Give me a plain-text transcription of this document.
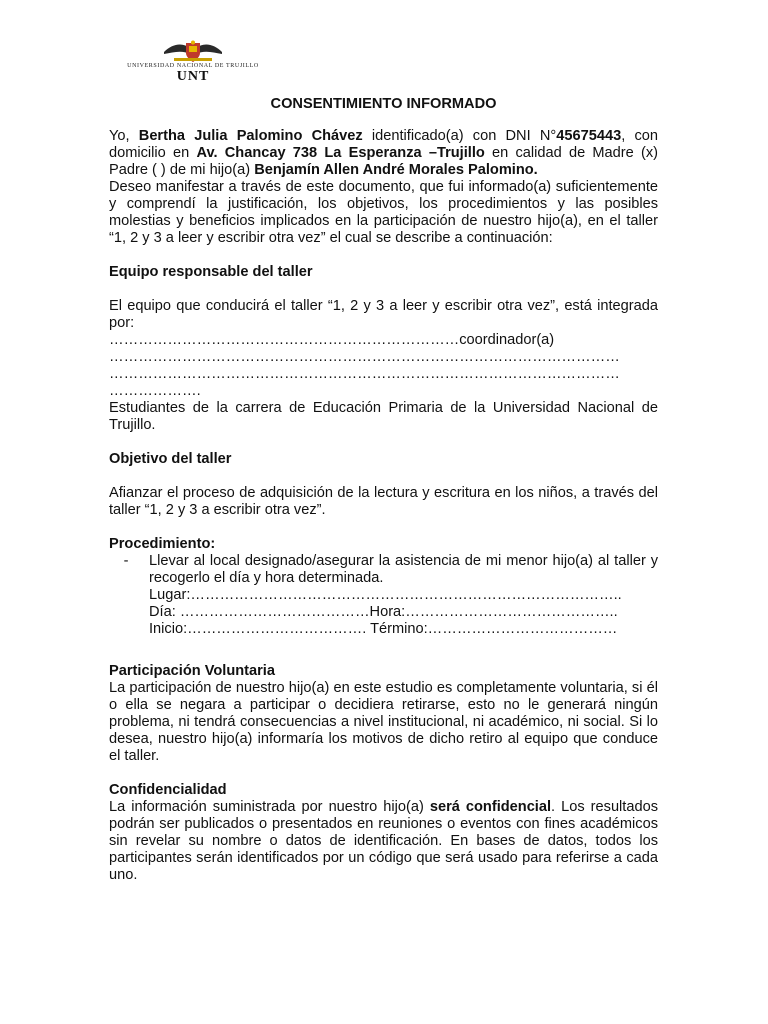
UNIVERSIDAD NACIONAL DE TRUJILLO
UNT
CONSENTIMIENTO INFORMADO

Yo, Bertha Julia Palomino Chávez identificado(a) con DNI N°45675443, con domicilio en Av. Chancay 738 La Esperanza –Trujillo en calidad de Madre (x) Padre ( ) de mi hijo(a) Benjamín Allen André Morales Palomino.

Deseo manifestar a través de este documento, que fui informado(a) suficientemente y comprendí la justificación, los objetivos, los procedimientos y las posibles molestias y beneficios implicados en la participación de nuestro hijo(a), en el taller “1, 2 y 3 a leer y escribir otra vez” el cual se describe a continuación:

Equipo responsable del taller

El equipo que conducirá el taller “1, 2 y 3 a leer y escribir otra vez”, está integrada por:

………………………………………………………………coordinador(a)
……………………………………………………………………………………………
……………………………………………………………………………………………
……………….

Estudiantes de la carrera de Educación Primaria de la Universidad Nacional de Trujillo.

Objetivo del taller

Afianzar el proceso de adquisición de la lectura y escritura en los niños, a través del taller “1, 2 y 3 a escribir otra vez”.

Procedimiento:
-	Llevar al local designado/asegurar la asistencia de mi menor hijo(a) al taller y recogerlo el día y hora determinada.

Lugar:……………………………………………………………………………..
Día: …………………………………Hora:……………………………………..
Inicio:………………………………. Término:…………………………………
Participación Voluntaria

La participación de nuestro hijo(a) en este estudio es completamente voluntaria, si él o ella se negara a participar o decidiera retirarse, esto no le generará ningún problema, ni tendrá consecuencias a nivel institucional, ni académico, ni social. Si lo desea, nuestro hijo(a) informaría los motivos de dicho retiro al equipo que conduce el taller.

Confidencialidad

La información suministrada por nuestro hijo(a) será confidencial. Los resultados podrán ser publicados o presentados en reuniones o eventos con fines académicos sin revelar su nombre o datos de identificación. En bases de datos, todos los participantes serán identificados por un código que será usado para referirse a cada uno.
